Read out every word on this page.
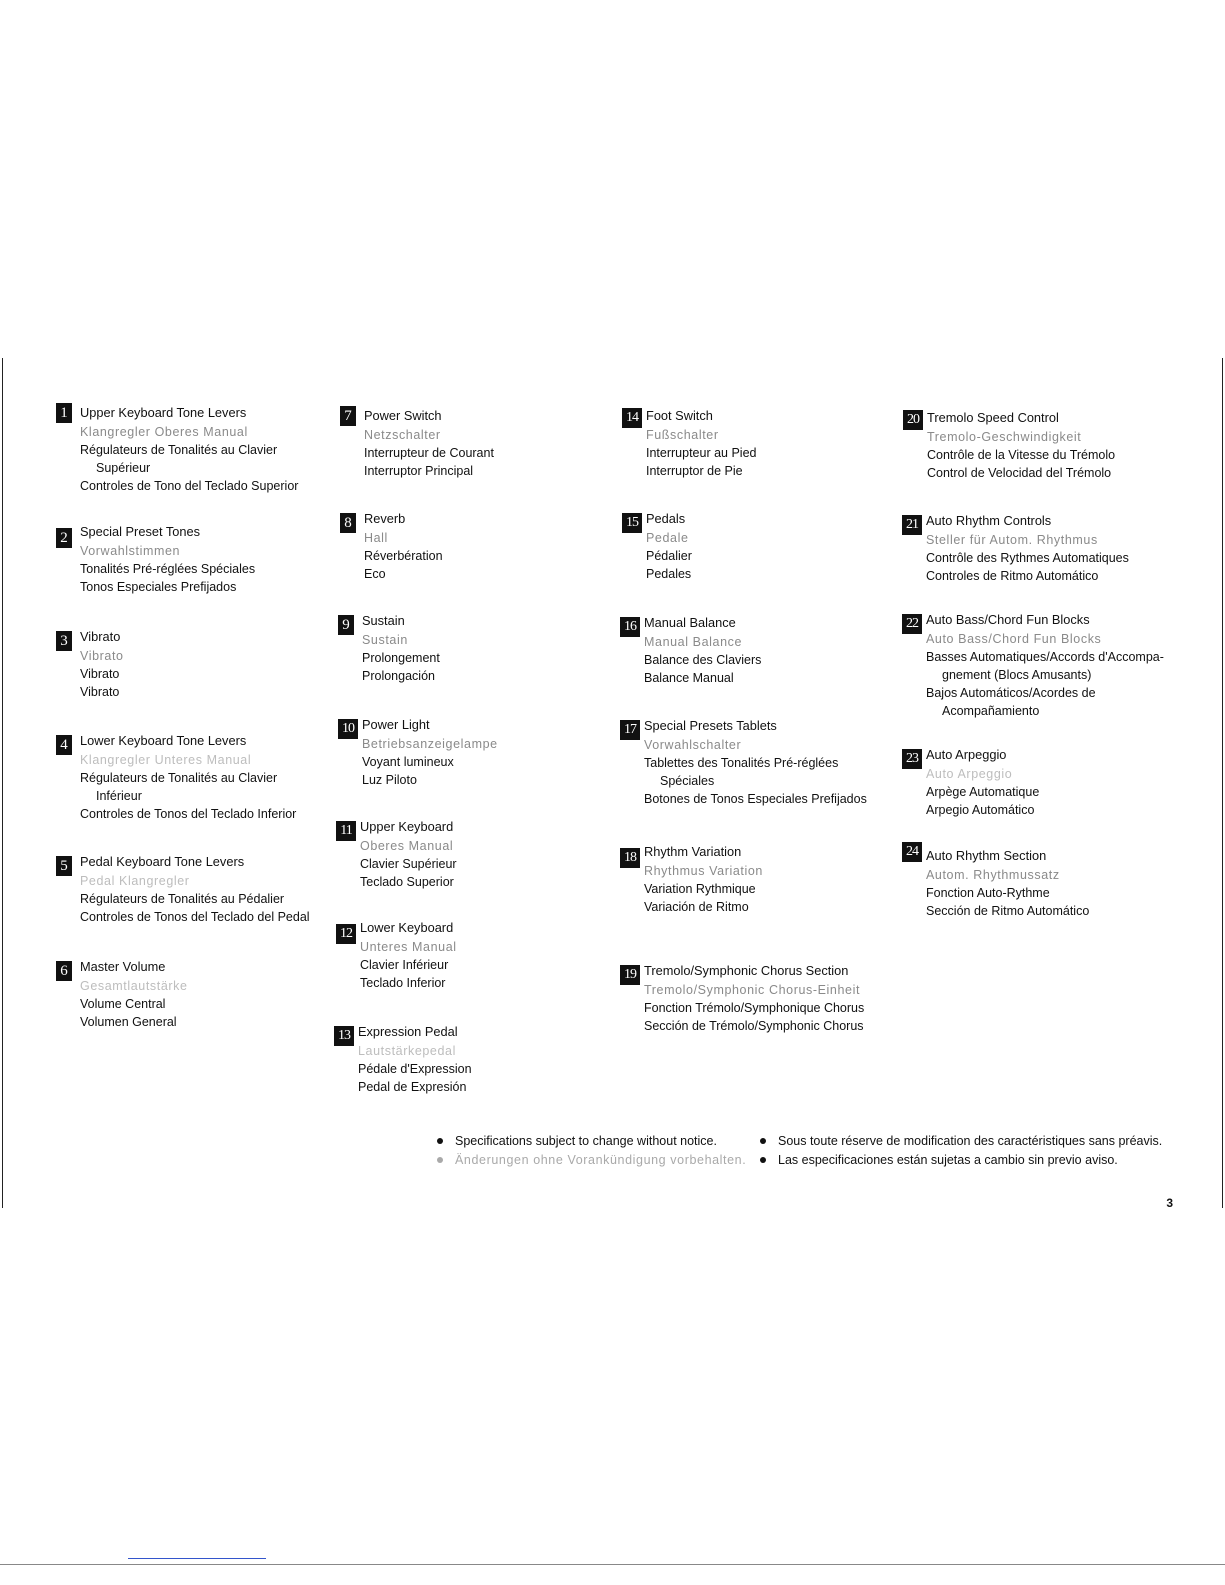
1 Upper Keyboard Tone Levers
Klangregler Oberes Manual
Régulateurs de Tonalités au Clavier
Supérieur
Controles de Tono del Teclado Superior
2 Special Preset Tones
Vorwahlstimmen
Tonalités Pré-réglées Spéciales
Tonos Especiales Prefijados
3 Vibrato
Vibrato
Vibrato
Vibrato
4 Lower Keyboard Tone Levers
Klangregler Unteres Manual
Régulateurs de Tonalités au Clavier
Inférieur
Controles de Tonos del Teclado Inferior
5 Pedal Keyboard Tone Levers
Pedal Klangregler
Régulateurs de Tonalités au Pédalier
Controles de Tonos del Teclado del Pedal
6 Master Volume
Gesamtlautstärke
Volume Central
Volumen General
7 Power Switch
Netzschalter
Interrupteur de Courant
Interruptor Principal
8 Reverb
Hall
Réverbération
Eco
9 Sustain
Sustain
Prolongement
Prolongación
10 Power Light
Betriebsanzeigelampe
Voyant lumineux
Luz Piloto
11 Upper Keyboard
Oberes Manual
Clavier Supérieur
Teclado Superior
12 Lower Keyboard
Unteres Manual
Clavier Inférieur
Teclado Inferior
13 Expression Pedal
Lautstärkepedal
Pédale d'Expression
Pedal de Expresión
14 Foot Switch
Fußschalter
Interrupteur au Pied
Interruptor de Pie
15 Pedals
Pedale
Pédalier
Pedales
16 Manual Balance
Manual Balance
Balance des Claviers
Balance Manual
17 Special Presets Tablets
Vorwahlschalter
Tablettes des Tonalités Pré-réglées
Spéciales
Botones de Tonos Especiales Prefijados
18 Rhythm Variation
Rhythmus Variation
Variation Rythmique
Variación de Ritmo
19 Tremolo/Symphonic Chorus Section
Tremolo/Symphonic Chorus-Einheit
Fonction Trémolo/Symphonique Chorus
Sección de Trémolo/Symphonic Chorus
20 Tremolo Speed Control
Tremolo-Geschwindigkeit
Contrôle de la Vitesse du Trémolo
Control de Velocidad del Trémolo
21 Auto Rhythm Controls
Steller für Autom. Rhythmus
Contrôle des Rythmes Automatiques
Controles de Ritmo Automático
22 Auto Bass/Chord Fun Blocks
Auto Bass/Chord Fun Blocks
Basses Automatiques/Accords d'Accompa-
gnement (Blocs Amusants)
Bajos Automáticos/Acordes de
Acompañamiento
23 Auto Arpeggio
Auto Arpeggio
Arpège Automatique
Arpegio Automático
24 Auto Rhythm Section
Autom. Rhythmussatz
Fonction Auto-Rythme
Sección de Ritmo Automático
Specifications subject to change without notice.
Änderungen ohne Vorankündigung vorbehalten.
Sous toute réserve de modification des caractéristiques sans préavis.
Las especificaciones están sujetas a cambio sin previo aviso.
3
